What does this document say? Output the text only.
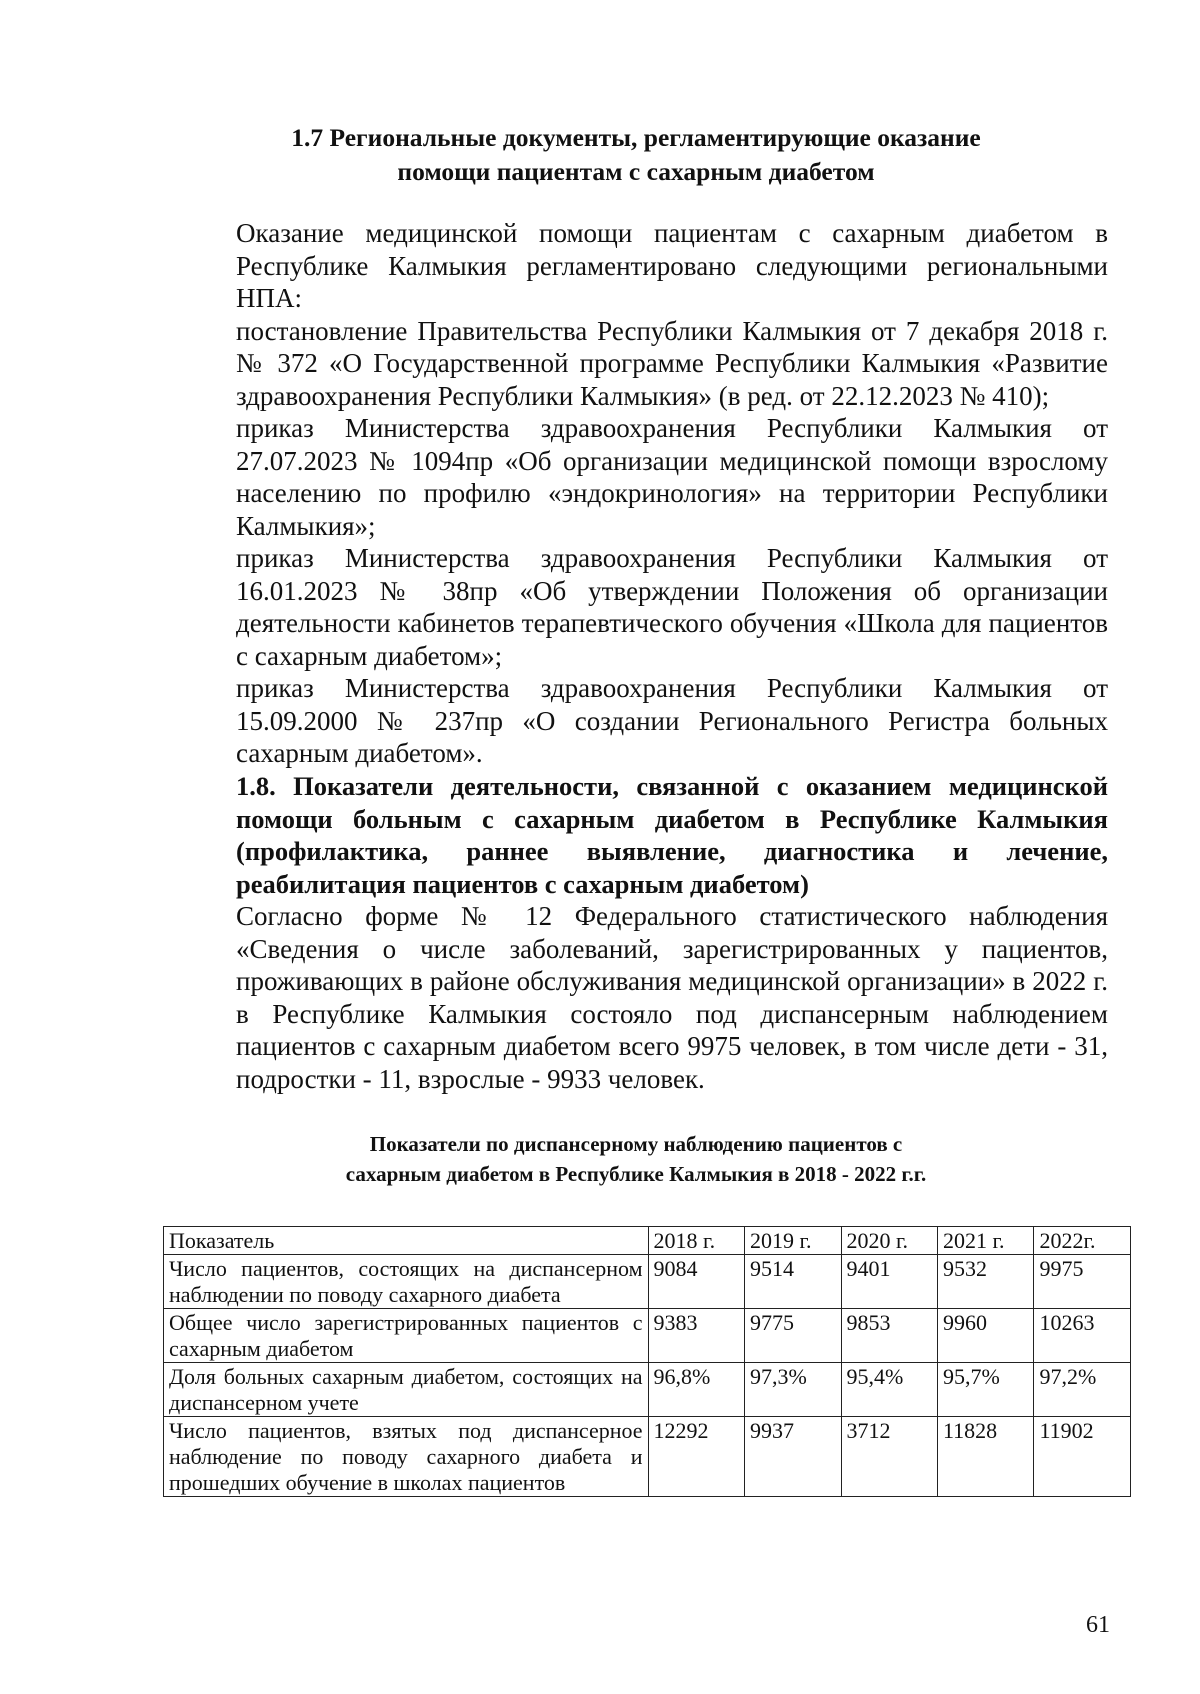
1.7 Региональные документы, регламентирующие оказание
помощи пациентам с сахарным диабетом
Оказание медицинской помощи пациентам с сахарным диабетом в Республике Калмыкия регламентировано следующими региональными НПА:
постановление Правительства Республики Калмыкия от 7 декабря 2018 г. № 372 «О Государственной программе Республики Калмыкия «Развитие здравоохранения Республики Калмыкия» (в ред. от 22.12.2023 № 410);
приказ Министерства здравоохранения Республики Калмыкия от 27.07.2023 № 1094пр «Об организации медицинской помощи взрослому населению по профилю «эндокринология» на территории Республики Калмыкия»;
приказ Министерства здравоохранения Республики Калмыкия от 16.01.2023 № 38пр «Об утверждении Положения об организации деятельности кабинетов терапевтического обучения «Школа для пациентов с сахарным диабетом»;
приказ Министерства здравоохранения Республики Калмыкия от 15.09.2000 № 237пр «О создании Регионального Регистра больных сахарным диабетом».
1.8. Показатели деятельности, связанной с оказанием медицинской помощи больным с сахарным диабетом в Республике Калмыкия (профилактика, раннее выявление, диагностика и лечение, реабилитация пациентов с сахарным диабетом)
Согласно форме № 12 Федерального статистического наблюдения «Сведения о числе заболеваний, зарегистрированных у пациентов, проживающих в районе обслуживания медицинской организации» в 2022 г. в Республике Калмыкия состояло под диспансерным наблюдением пациентов с сахарным диабетом всего 9975 человек, в том числе дети - 31, подростки - 11, взрослые - 9933 человек.
Показатели по диспансерному наблюдению пациентов с
сахарным диабетом в Республике Калмыкия в 2018 - 2022 г.г.
Показатель	2018 г.	2019 г.	2020 г.	2021 г.	2022г.
Число пациентов, состоящих на диспансерном наблюдении по поводу сахарного диабета	9084	9514	9401	9532	9975
Общее число зарегистрированных пациентов с сахарным диабетом	9383	9775	9853	9960	10263
Доля больных сахарным диабетом, состоящих на диспансерном учете	96,8%	97,3%	95,4%	95,7%	97,2%
Число пациентов, взятых под диспансерное наблюдение по поводу сахарного диабета и прошедших обучение в школах пациентов	12292	9937	3712	11828	11902
61
